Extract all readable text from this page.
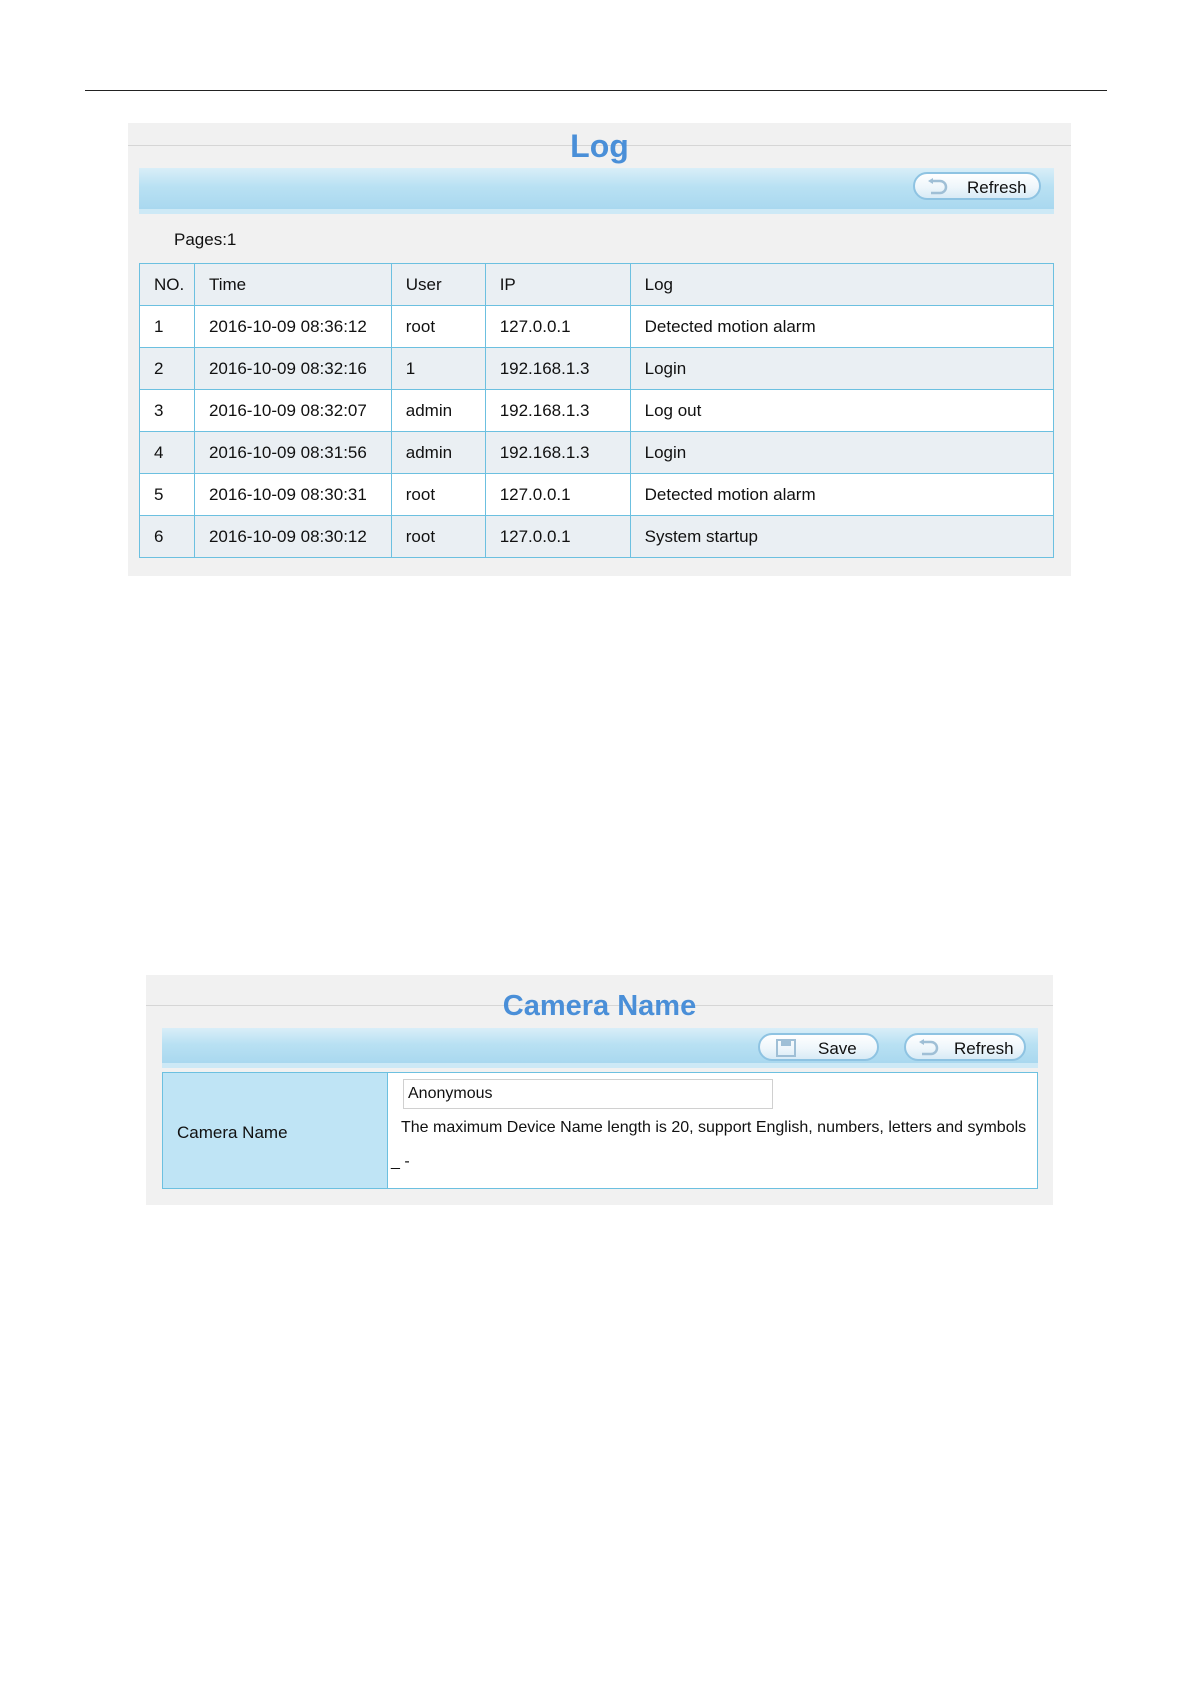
Log
Refresh
Pages:1
NO.	Time	User	IP	Log
1	2016-10-09 08:36:12	root	127.0.0.1	Detected motion alarm
2	2016-10-09 08:32:16	1	192.168.1.3	Login
3	2016-10-09 08:32:07	admin	192.168.1.3	Log out
4	2016-10-09 08:31:56	admin	192.168.1.3	Login
5	2016-10-09 08:30:31	root	127.0.0.1	Detected motion alarm
6	2016-10-09 08:30:12	root	127.0.0.1	System startup
Camera Name
Save	Refresh
Camera Name
Anonymous	The maximum Device Name length is 20, support English, numbers, letters and symbols
_ -
